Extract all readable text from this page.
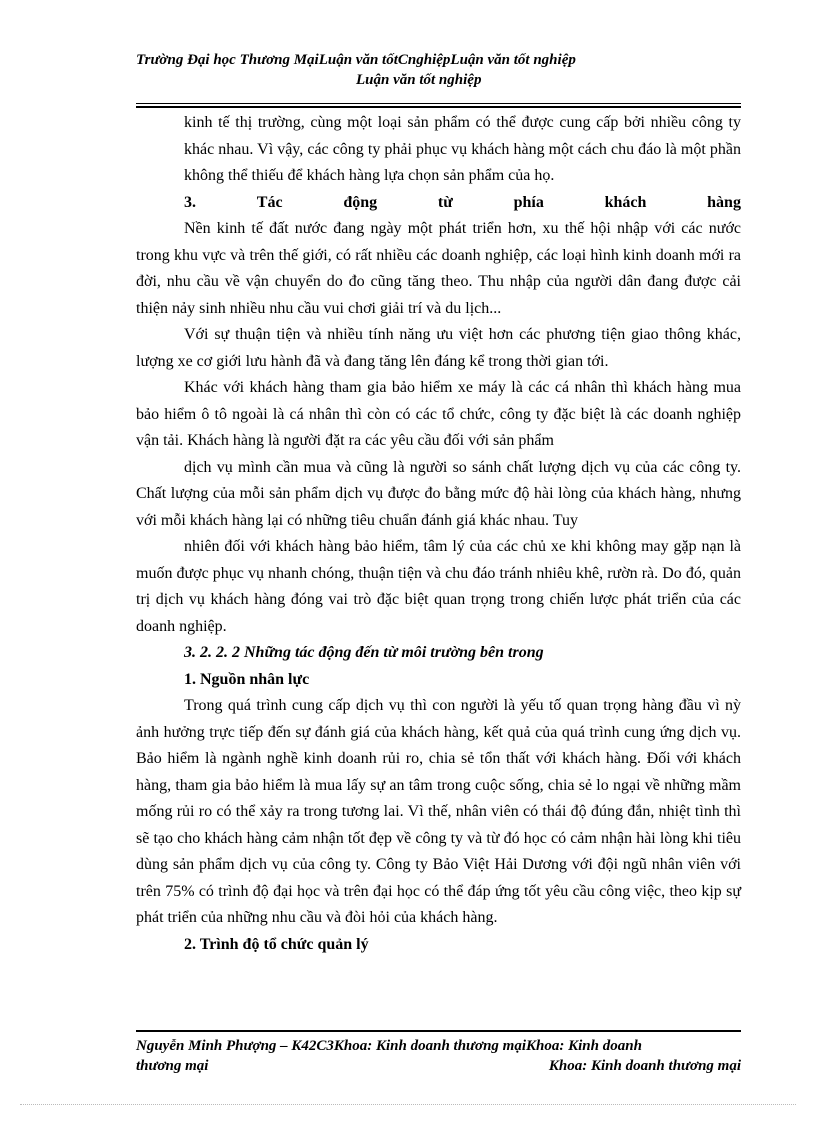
Trường Đại học Thương MạiLuận văn tốtCnghiệpLuận văn tốt nghiệp
Luận văn tốt nghiệp

kinh tế thị trường, cùng một loại sản phẩm có thể được cung cấp bởi nhiều công ty khác nhau. Vì vậy, các công ty phải phục vụ khách hàng một cách chu đáo là một phần không thể thiếu để khách hàng lựa chọn sản phẩm của họ.

3.	Tác	động	từ	phía	khách	hàng

Nền kinh tế đất nước đang ngày một phát triển hơn, xu thế hội nhập với các nước trong khu vực và trên thế giới, có rất nhiều các doanh nghiệp, các loại hình kinh doanh mới ra đời, nhu cầu về vận chuyển do đo cũng tăng theo. Thu nhập của người dân đang được cải thiện nảy sinh nhiều nhu cầu vui chơi giải trí và du lịch...

Với sự thuận tiện và nhiều tính năng ưu việt hơn các phương tiện giao thông khác, lượng xe cơ giới lưu hành đã và đang tăng lên đáng kể trong thời gian tới.

Khác với khách hàng tham gia bảo hiểm xe máy là các cá nhân thì khách hàng mua bảo hiểm ô tô ngoài là cá nhân thì còn có các tổ chức, công ty đặc biệt là các doanh nghiệp vận tải. Khách hàng là người đặt ra các yêu cầu đối với sản phẩm

dịch vụ mình cần mua và cũng là người so sánh chất lượng dịch vụ của các công ty. Chất lượng của mỗi sản phẩm dịch vụ được đo bằng mức độ hài lòng của khách hàng, nhưng với mỗi khách hàng lại có những tiêu chuẩn đánh giá khác nhau. Tuy

nhiên đối với khách hàng bảo hiểm, tâm lý của các chủ xe khi không may gặp nạn là muốn được phục vụ nhanh chóng, thuận tiện và chu đáo tránh nhiêu khê, rườn rà. Do đó, quản trị dịch vụ khách hàng đóng vai trò đặc biệt quan trọng trong chiến lược phát triển của các doanh nghiệp.

3. 2. 2. 2 Những tác động đến từ môi trường bên trong
1. Nguồn nhân lực

Trong quá trình cung cấp dịch vụ thì con người là yếu tố quan trọng hàng đầu vì nỳ ảnh hưởng trực tiếp đến sự đánh giá của khách hàng, kết quả của quá trình cung ứng dịch vụ. Bảo hiểm là ngành nghề kinh doanh rủi ro, chia sẻ tổn thất với khách hàng. Đối với khách hàng, tham gia bảo hiểm là mua lấy sự an tâm trong cuộc sống, chia sẻ lo ngại về những mầm mống rủi ro có thể xảy ra trong tương lai. Vì thế, nhân viên có thái độ đúng đắn, nhiệt tình thì sẽ tạo cho khách hàng cảm nhận tốt đẹp về công ty và từ đó học có cảm nhận hài lòng khi tiêu dùng sản phẩm dịch vụ của công ty. Công ty Bảo Việt Hải Dương với đội ngũ nhân viên với trên 75% có trình độ đại học và trên đại học có thể đáp ứng tốt yêu cầu công việc, theo kịp sự phát triển của những nhu cầu và đòi hỏi của khách hàng.

2. Trình độ tổ chức quản lý
Nguyễn Minh Phượng – K42C3Khoa: Kinh doanh thương mạiKhoa: Kinh doanh
thương mại	Khoa: Kinh doanh thương mại
